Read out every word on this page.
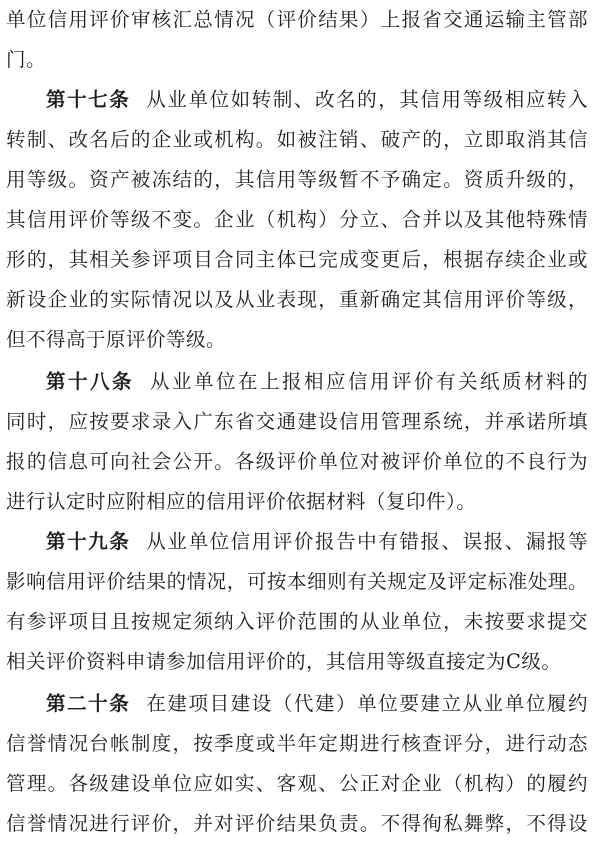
单位信用评价审核汇总情况（评价结果）上报省交通运输主管部
门。
第十七条 从业单位如转制、改名的，其信用等级相应转入
转制、改名后的企业或机构。如被注销、破产的，立即取消其信
用等级。资产被冻结的，其信用等级暂不予确定。资质升级的，
其信用评价等级不变。企业（机构）分立、合并以及其他特殊情
形的，其相关参评项目合同主体已完成变更后，根据存续企业或
新设企业的实际情况以及从业表现，重新确定其信用评价等级，
但不得高于原评价等级。
第十八条 从业单位在上报相应信用评价有关纸质材料的
同时，应按要求录入广东省交通建设信用管理系统，并承诺所填
报的信息可向社会公开。各级评价单位对被评价单位的不良行为
进行认定时应附相应的信用评价依据材料（复印件）。
第十九条 从业单位信用评价报告中有错报、误报、漏报等
影响信用评价结果的情况，可按本细则有关规定及评定标准处理。
有参评项目且按规定须纳入评价范围的从业单位，未按要求提交
相关评价资料申请参加信用评价的，其信用等级直接定为C级。
第二十条 在建项目建设（代建）单位要建立从业单位履约
信誉情况台帐制度，按季度或半年定期进行核查评分，进行动态
管理。各级建设单位应如实、客观、公正对企业（机构）的履约
信誉情况进行评价，并对评价结果负责。不得徇私舞弊，不得设
